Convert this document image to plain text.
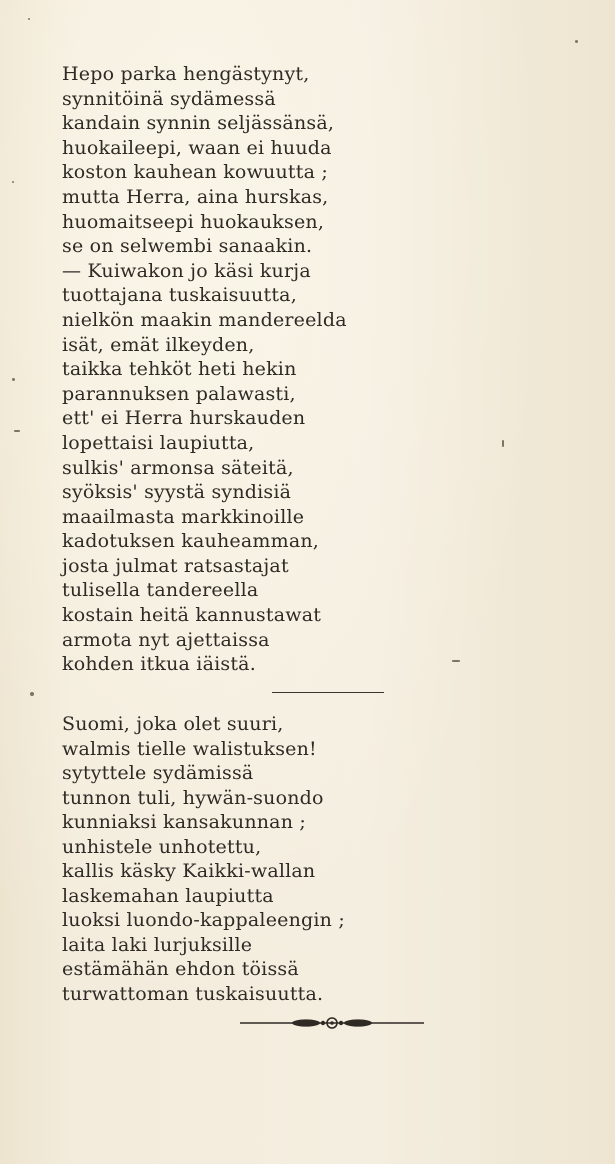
Hepo parka hengästynyt,
synnitöinä sydämessä
kandain synnin seljässänsä,
huokaileepi, waan ei huuda
koston kauhean kowuutta ;
mutta Herra, aina hurskas,
huomaitseepi huokauksen,
se on selwembi sanaakin.
— Kuiwakon jo käsi kurja
tuottajana tuskaisuutta,
nielkön maakin mandereelda
isät, emät ilkeyden,
taikka tehköt heti hekin
parannuksen palawasti,
ett' ei Herra hurskauden
lopettaisi laupiutta,
sulkis' armonsa säteitä,
syöksis' syystä syndisiä
maailmasta markkinoille
kadotuksen kauheamman,
josta julmat ratsastajat
tulisella tandereella
kostain heitä kannustawat
armota nyt ajettaissa
kohden itkua iäistä.
Suomi, joka olet suuri,
walmis tielle walistuksen!
sytyttele sydämissä
tunnon tuli, hywän-suondo
kunniaksi kansakunnan ;
unhistele unhotettu,
kallis käsky Kaikki-wallan
laskemahan laupiutta
luoksi luondo-kappaleengin ;
laita laki lurjuksille
estämähän ehdon töissä
turwattoman tuskaisuutta.
